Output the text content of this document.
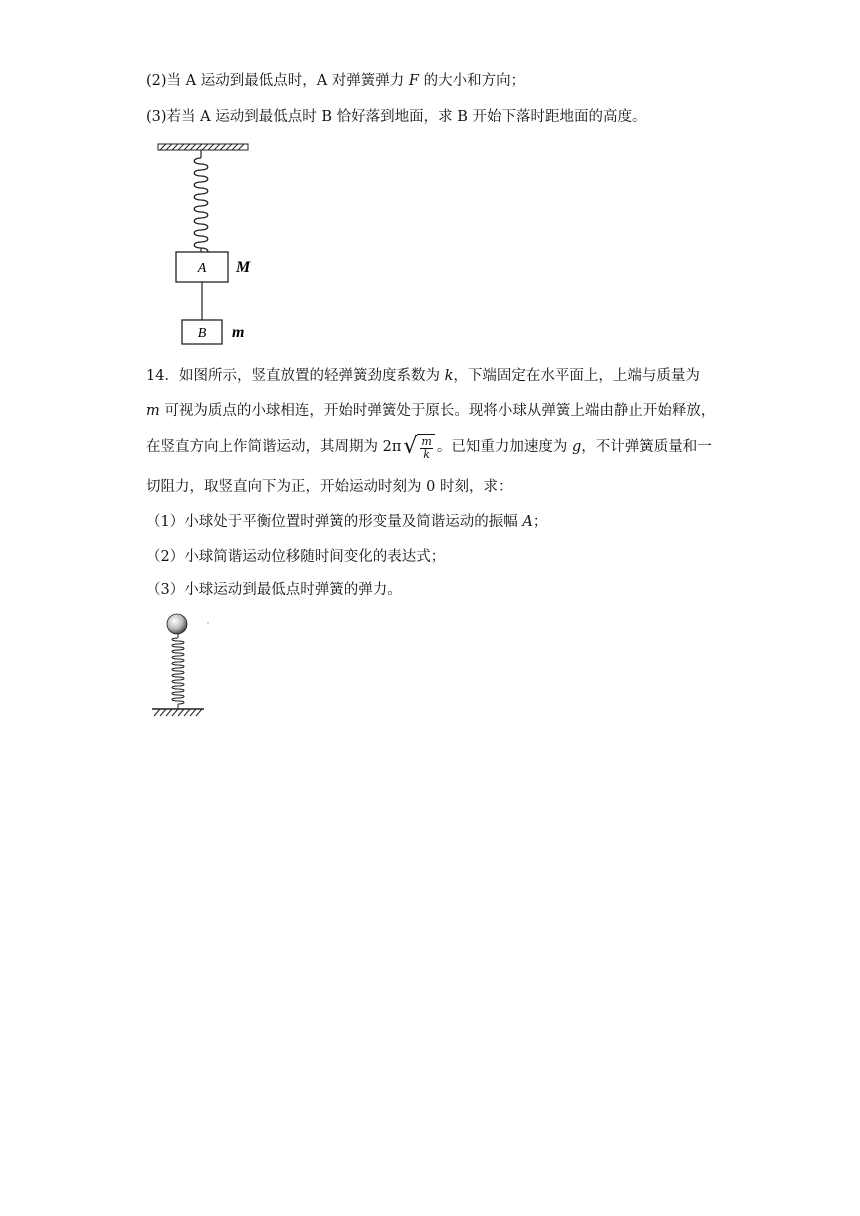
(2)当 A 运动到最低点时，A 对弹簧弹力 F 的大小和方向；
(3)若当 A 运动到最低点时 B 恰好落到地面，求 B 开始下落时距地面的高度。
A M
B m
14．如图所示，竖直放置的轻弹簧劲度系数为 k，下端固定在水平面上，上端与质量为
m 可视为质点的小球相连，开始时弹簧处于原长。现将小球从弹簧上端由静止开始释放，
在竖直方向上作简谐运动，其周期为 2π √ $\frac{m}{k}$ 。已知重力加速度为 g，不计弹簧质量和一
切阻力，取竖直向下为正，开始运动时刻为 0 时刻，求：
（1）小球处于平衡位置时弹簧的形变量及简谐运动的振幅 A；
（2）小球简谐运动位移随时间变化的表达式；
（3）小球运动到最低点时弹簧的弹力。
